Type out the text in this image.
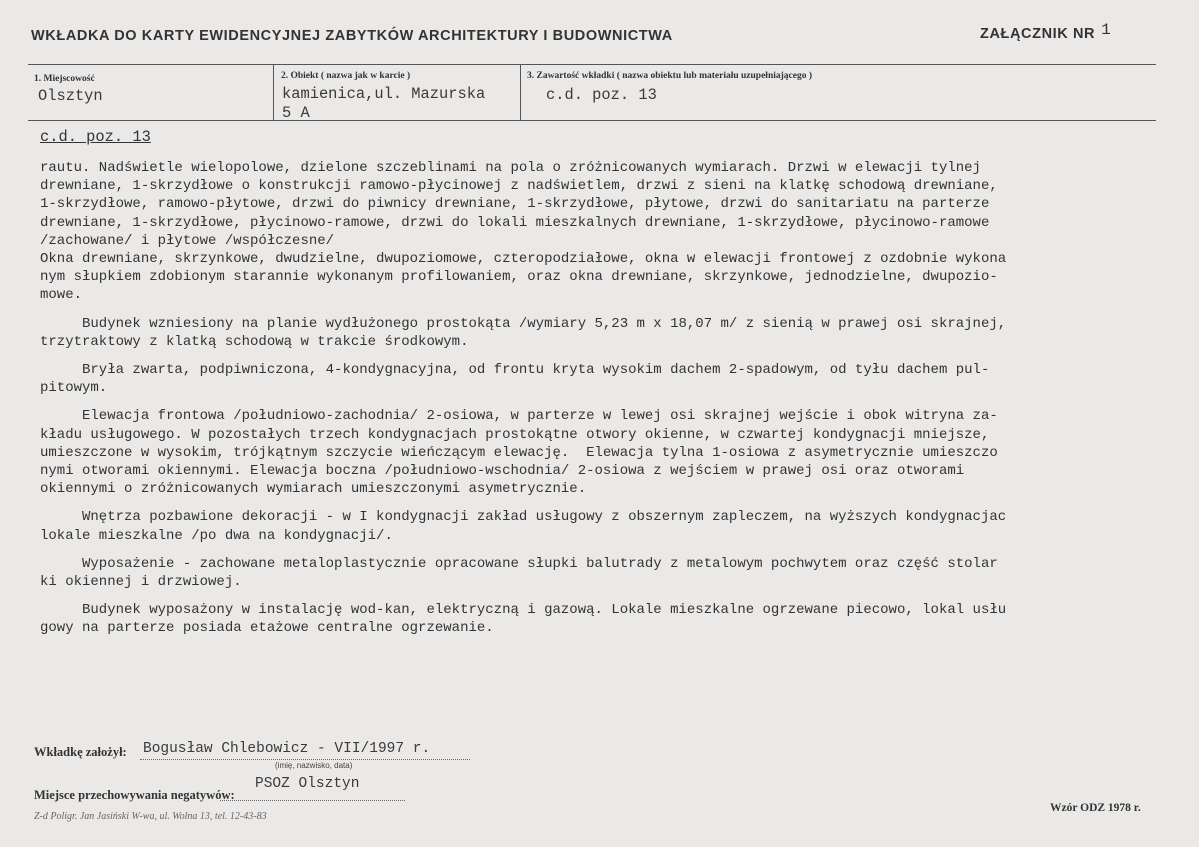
WKŁADKA DO KARTY EWIDENCYJNEJ ZABYTKÓW ARCHITEKTURY I BUDOWNICTWA	ZAŁĄCZNIK NR 1
1. Miejscowość
Olsztyn
2. Obiekt ( nazwa jak w karcie )
kamienica,ul. Mazurska
5 A
3. Zawartość wkładki ( nazwa obiektu lub materiału uzupełniającego )
c.d. poz. 13
c.d. poz. 13

rautu. Nadświetle wielopolowe, dzielone szczeblinami na pola o zróżnicowanych wymiarach. Drzwi w elewacji tylnej

drewniane, 1-skrzydłowe o konstrukcji ramowo-płycinowej z nadświetlem, drzwi z sieni na klatkę schodową drewniane,

1-skrzydłowe, ramowo-płytowe, drzwi do piwnicy drewniane, 1-skrzydłowe, płytowe, drzwi do sanitariatu na parterze

drewniane, 1-skrzydłowe, płycinowo-ramowe, drzwi do lokali mieszkalnych drewniane, 1-skrzydłowe, płycinowo-ramowe

/zachowane/ i płytowe /współczesne/

Okna drewniane, skrzynkowe, dwudzielne, dwupoziomowe, czteropodziałowe, okna w elewacji frontowej z ozdobnie wykona

nym słupkiem zdobionym starannie wykonanym profilowaniem, oraz okna drewniane, skrzynkowe, jednodzielne, dwupozio-

mowe.

Budynek wzniesiony na planie wydłużonego prostokąta /wymiary 5,23 m x 18,07 m/ z sienią w prawej osi skrajnej,

trzytraktowy z klatką schodową w trakcie środkowym.

Bryła zwarta, podpiwniczona, 4-kondygnacyjna, od frontu kryta wysokim dachem 2-spadowym, od tyłu dachem pul-

pitowym.

Elewacja frontowa /południowo-zachodnia/ 2-osiowa, w parterze w lewej osi skrajnej wejście i obok witryna za-

kładu usługowego. W pozostałych trzech kondygnacjach prostokątne otwory okienne, w czwartej kondygnacji mniejsze,

umieszczone w wysokim, trójkątnym szczycie wieńczącym elewację.  Elewacja tylna 1-osiowa z asymetrycznie umieszczo

nymi otworami okiennymi. Elewacja boczna /południowo-wschodnia/ 2-osiowa z wejściem w prawej osi oraz otworami

okiennymi o zróżnicowanych wymiarach umieszczonymi asymetrycznie.

Wnętrza pozbawione dekoracji - w I kondygnacji zakład usługowy z obszernym zapleczem, na wyższych kondygnacjac

lokale mieszkalne /po dwa na kondygnacji/.

Wyposażenie - zachowane metaloplastycznie opracowane słupki balutrady z metalowym pochwytem oraz część stolar

ki okiennej i drzwiowej.

Budynek wyposażony w instalację wod-kan, elektryczną i gazową. Lokale mieszkalne ogrzewane piecowo, lokal usłu

gowy na parterze posiada etażowe centralne ogrzewanie.

Wkładkę założył: Bogusław Chlebowicz - VII/1997 r.
(imię, nazwisko, data)
Miejsce przechowywania negatywów:
PSOZ Olsztyn
Z-d Poligr. Jan Jasiński W-wa, ul. Wolna 13, tel. 12-43-83
Wzór ODZ 1978 r.
